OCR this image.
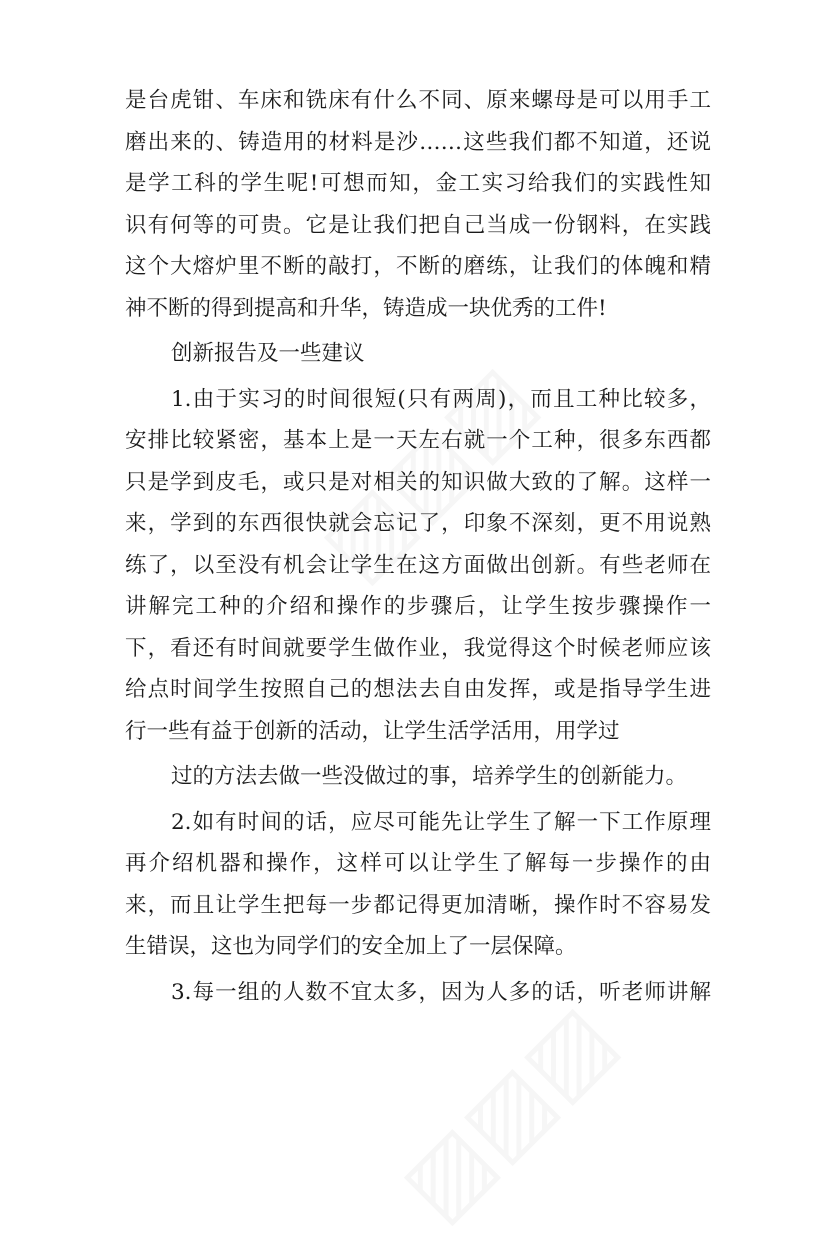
是台虎钳、车床和铣床有什么不同、原来螺母是可以用手工
磨出来的、铸造用的材料是沙……这些我们都不知道，还说
是学工科的学生呢!可想而知，金工实习给我们的实践性知
识有何等的可贵。它是让我们把自己当成一份钢料，在实践
这个大熔炉里不断的敲打，不断的磨练，让我们的体魄和精
神不断的得到提高和升华，铸造成一块优秀的工件!
创新报告及一些建议
1.由于实习的时间很短(只有两周)，而且工种比较多，
安排比较紧密，基本上是一天左右就一个工种，很多东西都
只是学到皮毛，或只是对相关的知识做大致的了解。这样一
来，学到的东西很快就会忘记了，印象不深刻，更不用说熟
练了，以至没有机会让学生在这方面做出创新。有些老师在
讲解完工种的介绍和操作的步骤后，让学生按步骤操作一
下，看还有时间就要学生做作业，我觉得这个时候老师应该
给点时间学生按照自己的想法去自由发挥，或是指导学生进
行一些有益于创新的活动，让学生活学活用，用学过
过的方法去做一些没做过的事，培养学生的创新能力。
2.如有时间的话，应尽可能先让学生了解一下工作原理
再介绍机器和操作，这样可以让学生了解每一步操作的由
来，而且让学生把每一步都记得更加清晰，操作时不容易发
生错误，这也为同学们的安全加上了一层保障。
3.每一组的人数不宜太多，因为人多的话，听老师讲解
